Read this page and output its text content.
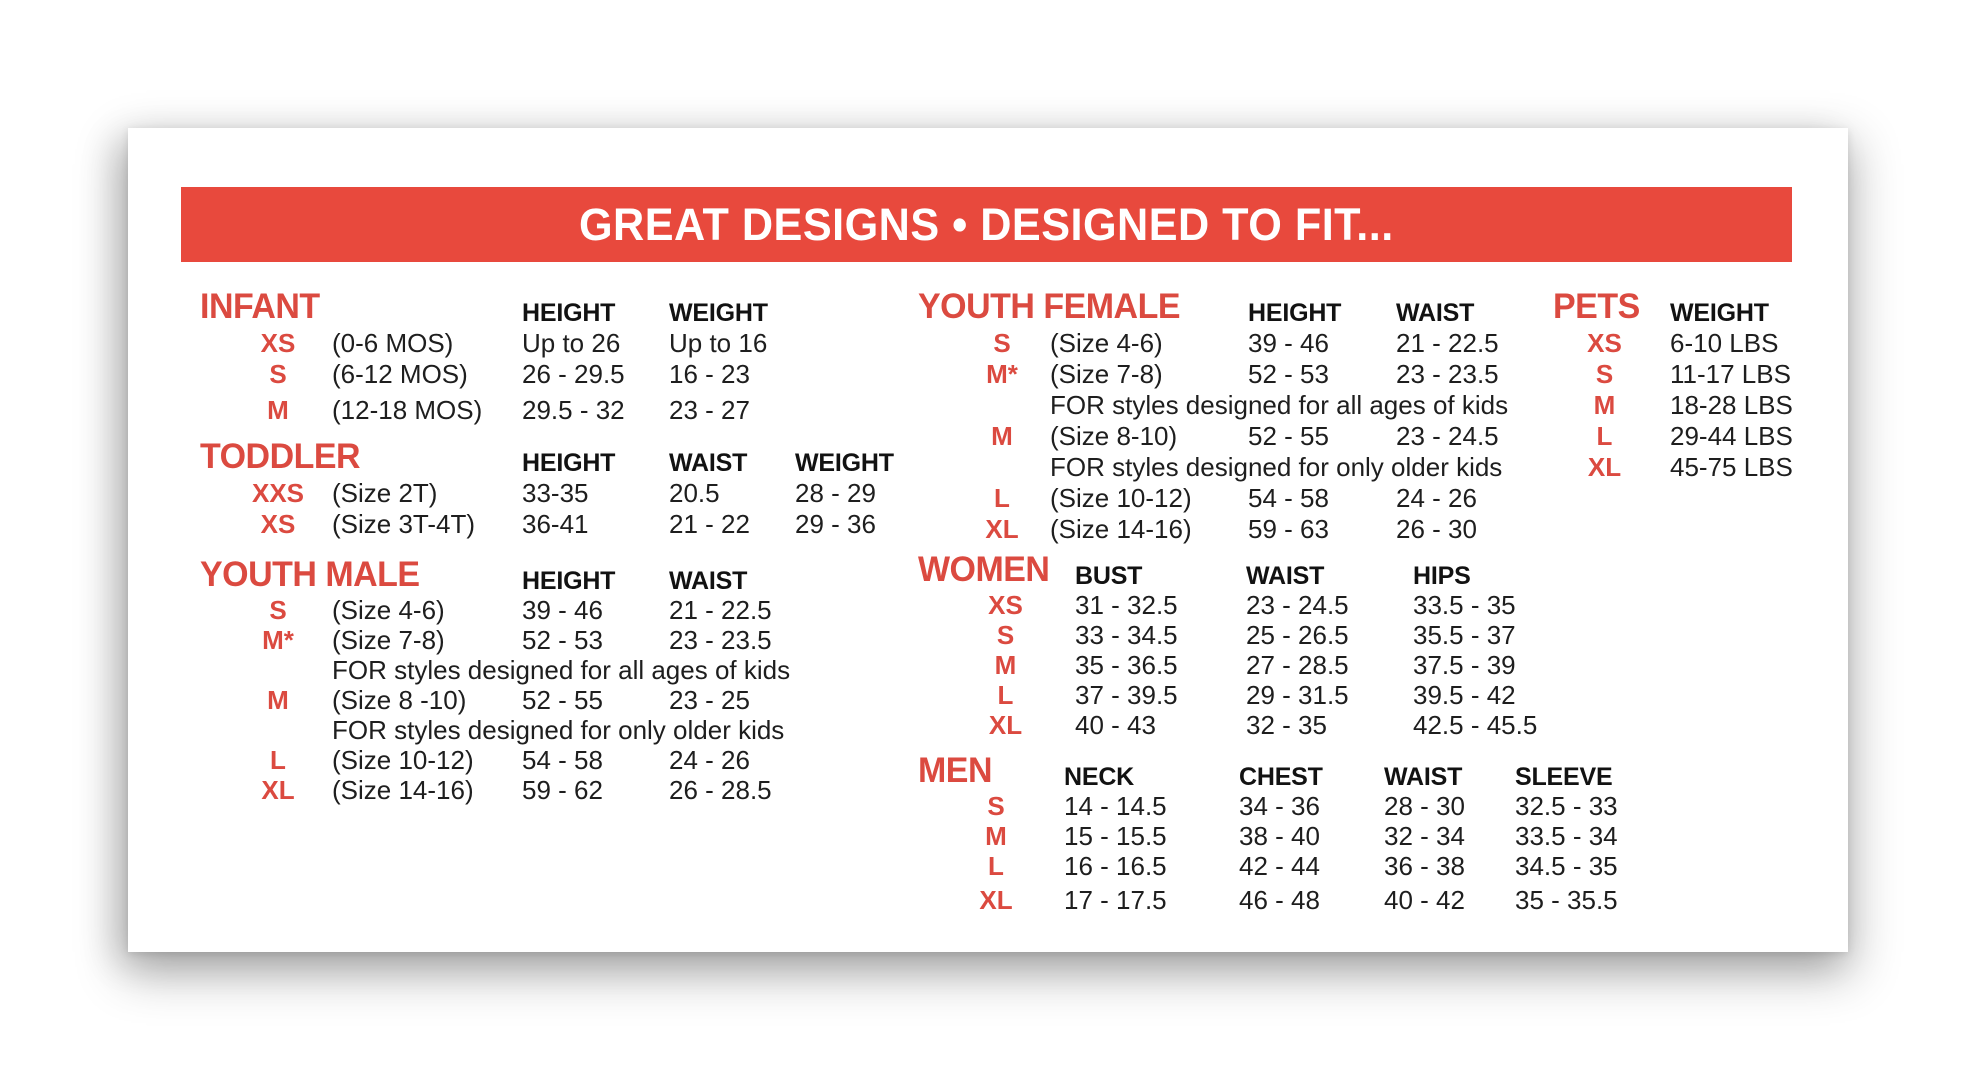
GREAT DESIGNS • DESIGNED TO FIT...
INFANT	HEIGHT	WEIGHT
XS	(0-6 MOS)	Up to 26	Up to 16
S	(6-12 MOS)	26 - 29.5	16 - 23
M	(12-18 MOS)	29.5 - 32	23 - 27
TODDLER	HEIGHT	WAIST	WEIGHT
XXS	(Size 2T)	33-35	20.5	28 - 29
XS	(Size 3T-4T)	36-41	21 - 22	29 - 36
YOUTH MALE	HEIGHT	WAIST
S	(Size 4-6)	39 - 46	21 - 22.5
M*	(Size 7-8)	52 - 53	23 - 23.5
FOR styles designed for all ages of kids
M	(Size 8 -10)	52 - 55	23 - 25
FOR styles designed for only older kids
L	(Size 10-12)	54 - 58	24 - 26
XL	(Size 14-16)	59 - 62	26 - 28.5
YOUTH FEMALE	HEIGHT	WAIST
S	(Size 4-6)	39 - 46	21 - 22.5
M*	(Size 7-8)	52 - 53	23 - 23.5
FOR styles designed for all ages of kids
M	(Size 8-10)	52 - 55	23 - 24.5
FOR styles designed for only older kids
L	(Size 10-12)	54 - 58	24 - 26
XL	(Size 14-16)	59 - 63	26 - 30
PETS	WEIGHT
XS	6-10 LBS
S	11-17 LBS
M	18-28 LBS
L	29-44 LBS
XL	45-75 LBS
WOMEN	BUST	WAIST	HIPS
XS	31 - 32.5	23 - 24.5	33.5 - 35
S	33 - 34.5	25 - 26.5	35.5 - 37
M	35 - 36.5	27 - 28.5	37.5 - 39
L	37 - 39.5	29 - 31.5	39.5 - 42
XL	40 - 43	32 - 35	42.5 - 45.5
MEN	NECK	CHEST	WAIST	SLEEVE
S	14 - 14.5	34 - 36	28 - 30	32.5 - 33
M	15 - 15.5	38 - 40	32 - 34	33.5 - 34
L	16 - 16.5	42 - 44	36 - 38	34.5 - 35
XL	17 - 17.5	46 - 48	40 - 42	35 - 35.5
